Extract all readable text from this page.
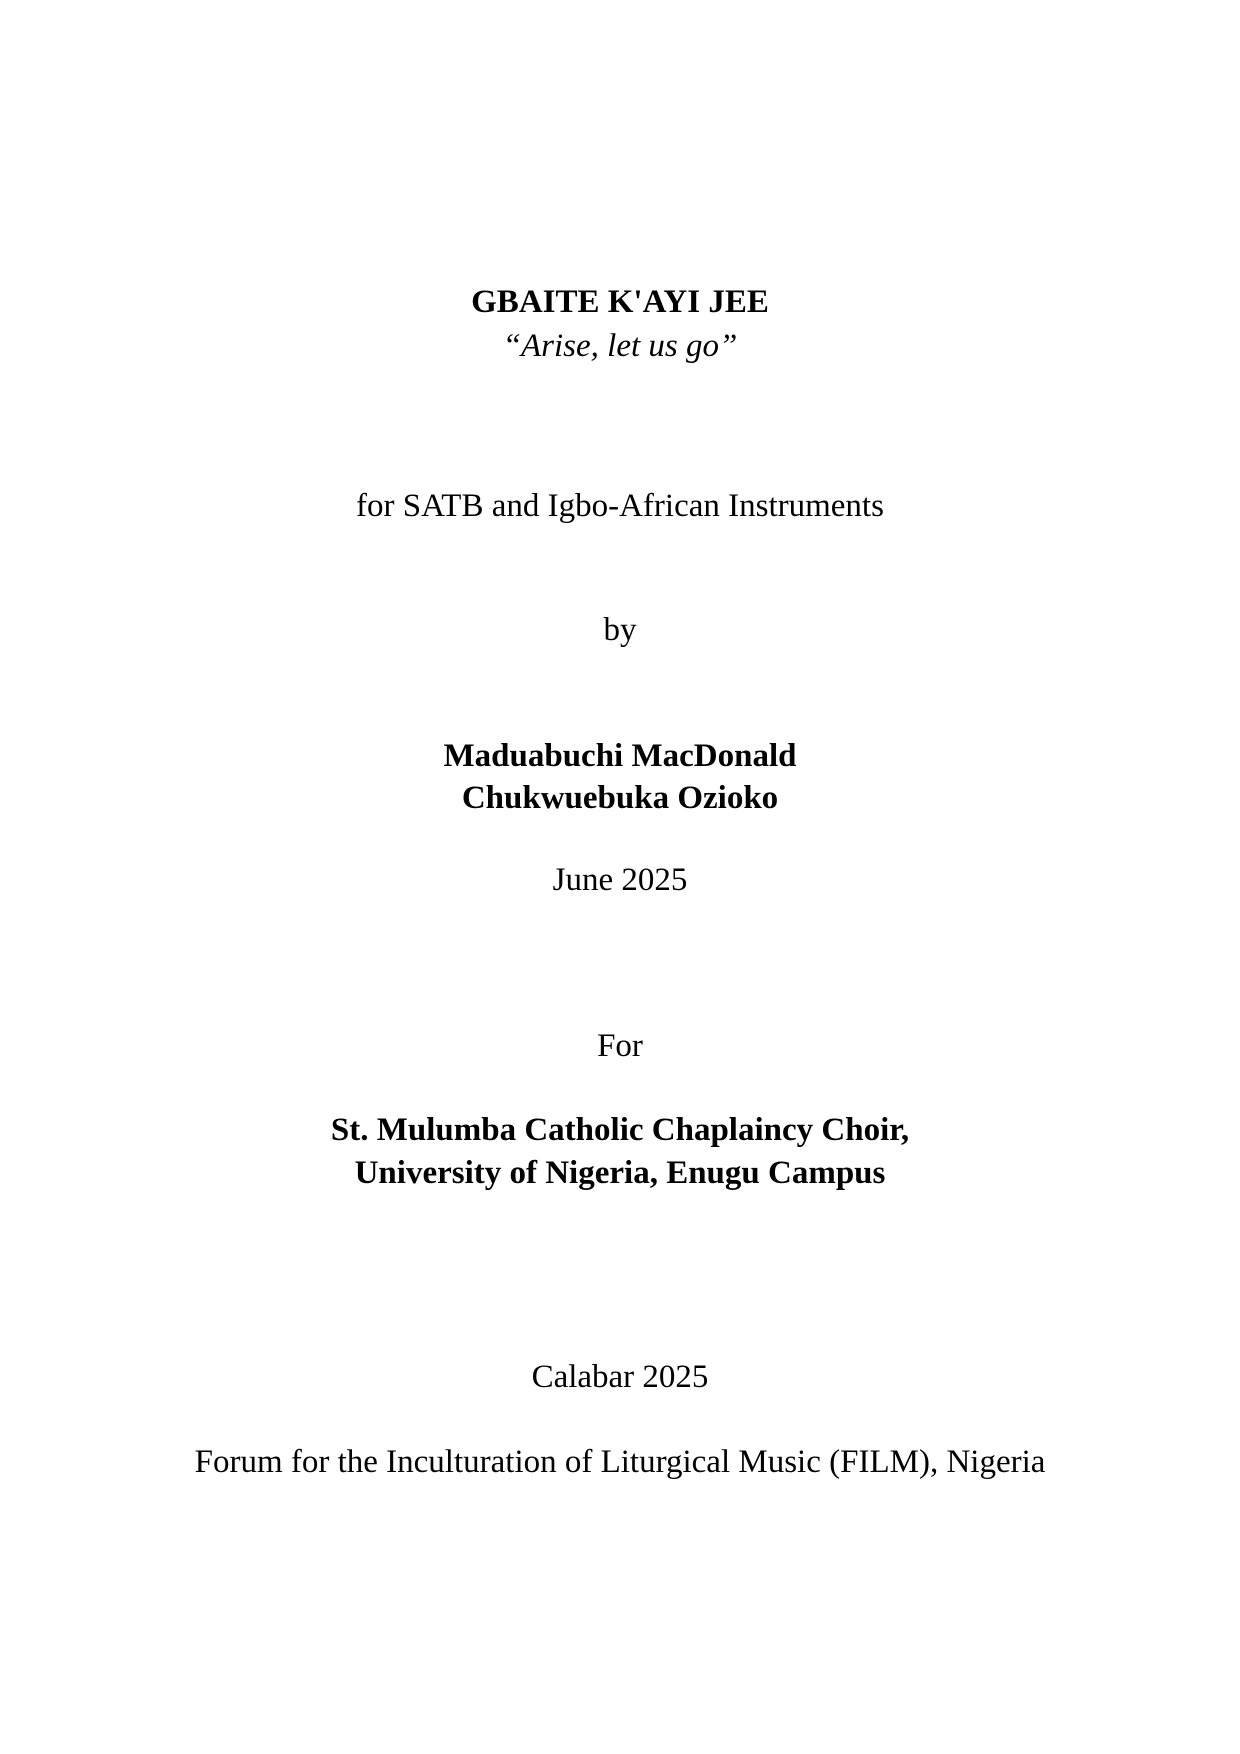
GBAITE K'AYI JEE
“Arise, let us go”
for SATB and Igbo-African Instruments
by
Maduabuchi MacDonald
Chukwuebuka Ozioko
June 2025
For
St. Mulumba Catholic Chaplaincy Choir,
University of Nigeria, Enugu Campus
Calabar 2025
Forum for the Inculturation of Liturgical Music (FILM), Nigeria
